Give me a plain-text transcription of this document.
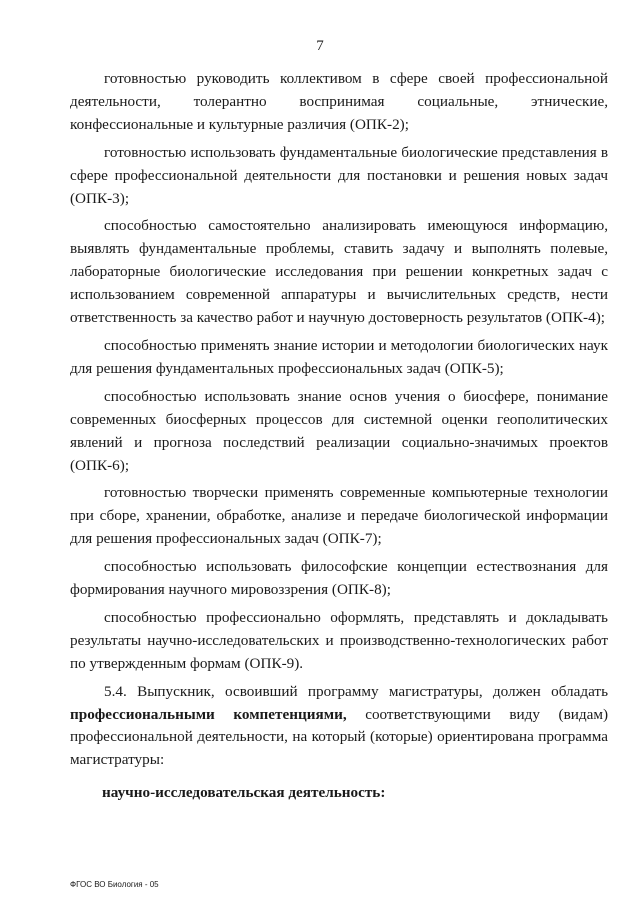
7

готовностью руководить коллективом в сфере своей профессиональной деятельности, толерантно воспринимая социальные, этнические, конфессиональные и культурные различия (ОПК-2);

готовностью использовать фундаментальные биологические представления в сфере профессиональной деятельности для постановки и решения новых задач (ОПК-3);

способностью самостоятельно анализировать имеющуюся информацию, выявлять фундаментальные проблемы, ставить задачу и выполнять полевые, лабораторные биологические исследования при решении конкретных задач с использованием современной аппаратуры и вычислительных средств, нести ответственность за качество работ и научную достоверность результатов (ОПК-4);

способностью применять знание истории и методологии биологических наук для решения фундаментальных профессиональных задач (ОПК-5);

способностью использовать знание основ учения о биосфере, понимание современных биосферных процессов для системной оценки геополитических явлений и прогноза последствий реализации социально-значимых проектов (ОПК-6);

готовностью творчески применять современные компьютерные технологии при сборе, хранении, обработке, анализе и передаче биологической информации для решения профессиональных задач (ОПК-7);

способностью использовать философские концепции естествознания для формирования научного мировоззрения (ОПК-8);

способностью профессионально оформлять, представлять и докладывать результаты научно-исследовательских и производственно-технологических работ по утвержденным формам (ОПК-9).

5.4. Выпускник, освоивший программу магистратуры, должен обладать профессиональными компетенциями, соответствующими виду (видам) профессиональной деятельности, на который (которые) ориентирована программа магистратуры:

научно-исследовательская деятельность:

ФГОС ВО Биология - 05
